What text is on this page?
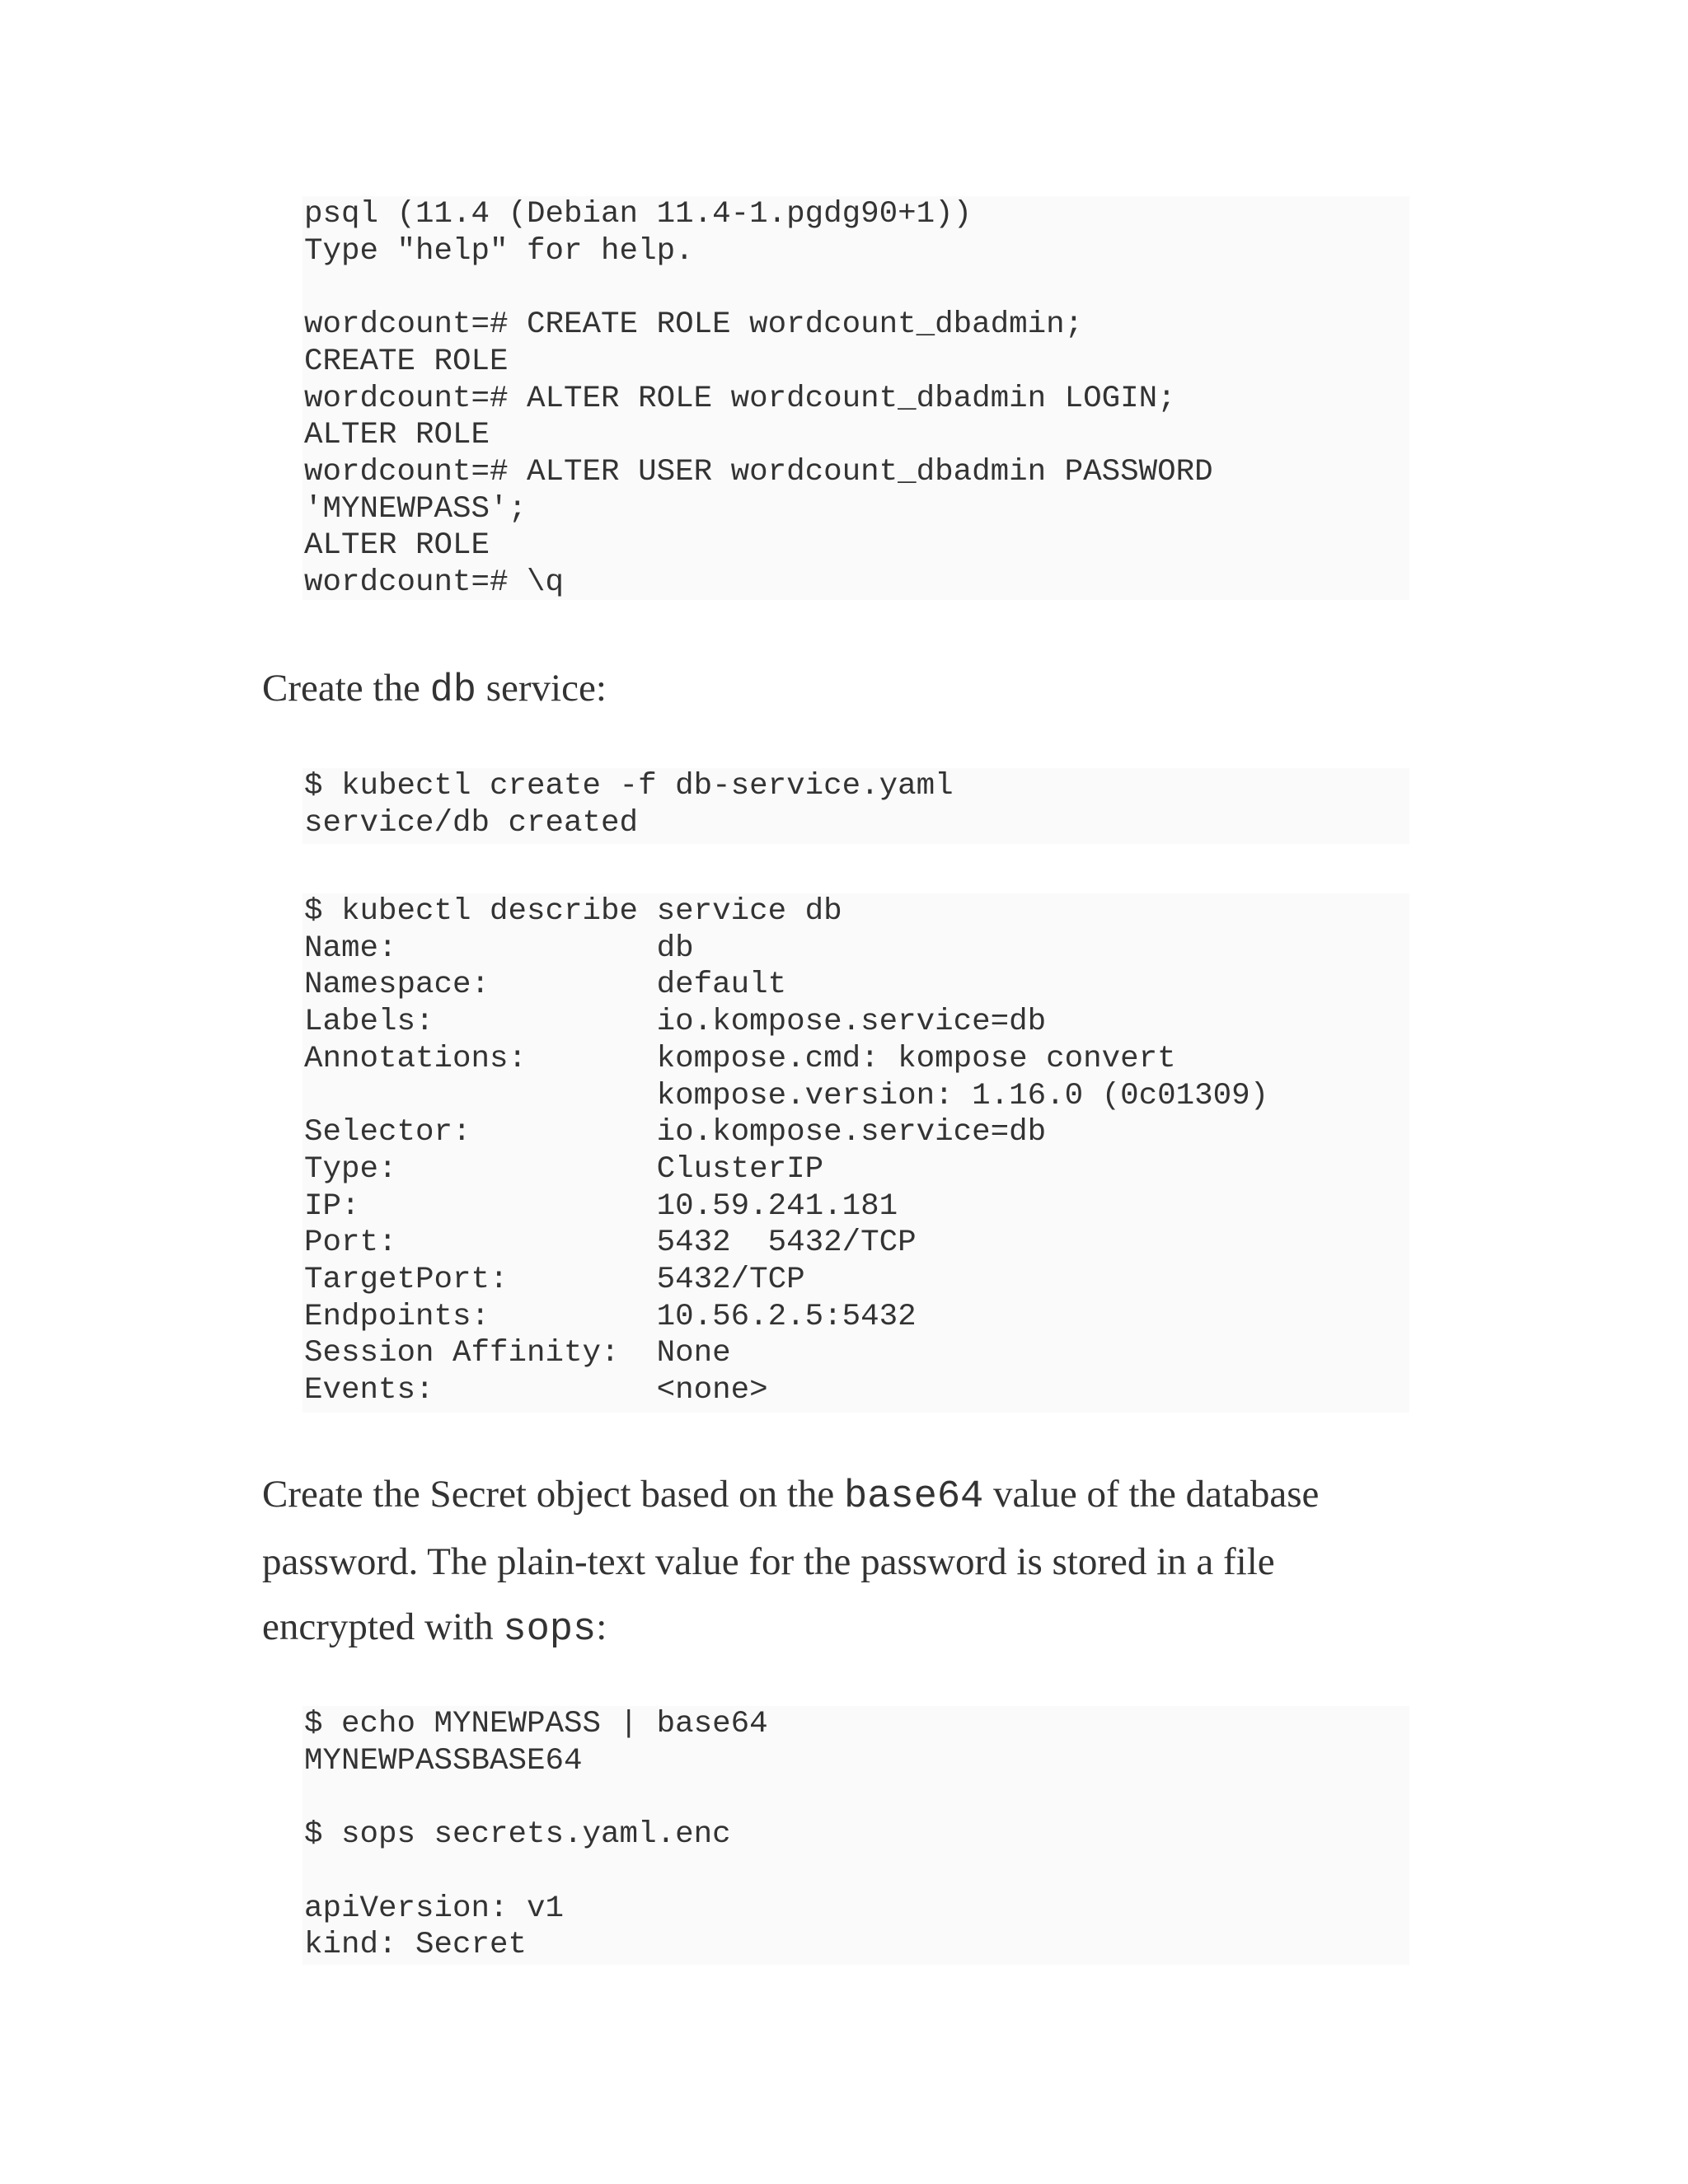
psql (11.4 (Debian 11.4-1.pgdg90+1))
Type "help" for help.

wordcount=# CREATE ROLE wordcount_dbadmin;
CREATE ROLE
wordcount=# ALTER ROLE wordcount_dbadmin LOGIN;
ALTER ROLE
wordcount=# ALTER USER wordcount_dbadmin PASSWORD
'MYNEWPASS';
ALTER ROLE
wordcount=# \q

Create the db service:

$ kubectl create -f db-service.yaml
service/db created
$ kubectl describe service db
Name:              db
Namespace:         default
Labels:            io.kompose.service=db
Annotations:       kompose.cmd: kompose convert
kompose.version: 1.16.0 (0c01309)
Selector:          io.kompose.service=db
Type:              ClusterIP
IP:                10.59.241.181
Port:              5432  5432/TCP
TargetPort:        5432/TCP
Endpoints:         10.56.2.5:5432
Session Affinity:  None
Events:            <none>

Create the Secret object based on the base64 value of the database password. The plain-text value for the password is stored in a file encrypted with sops:

$ echo MYNEWPASS | base64
MYNEWPASSBASE64

$ sops secrets.yaml.enc

apiVersion: v1
kind: Secret
